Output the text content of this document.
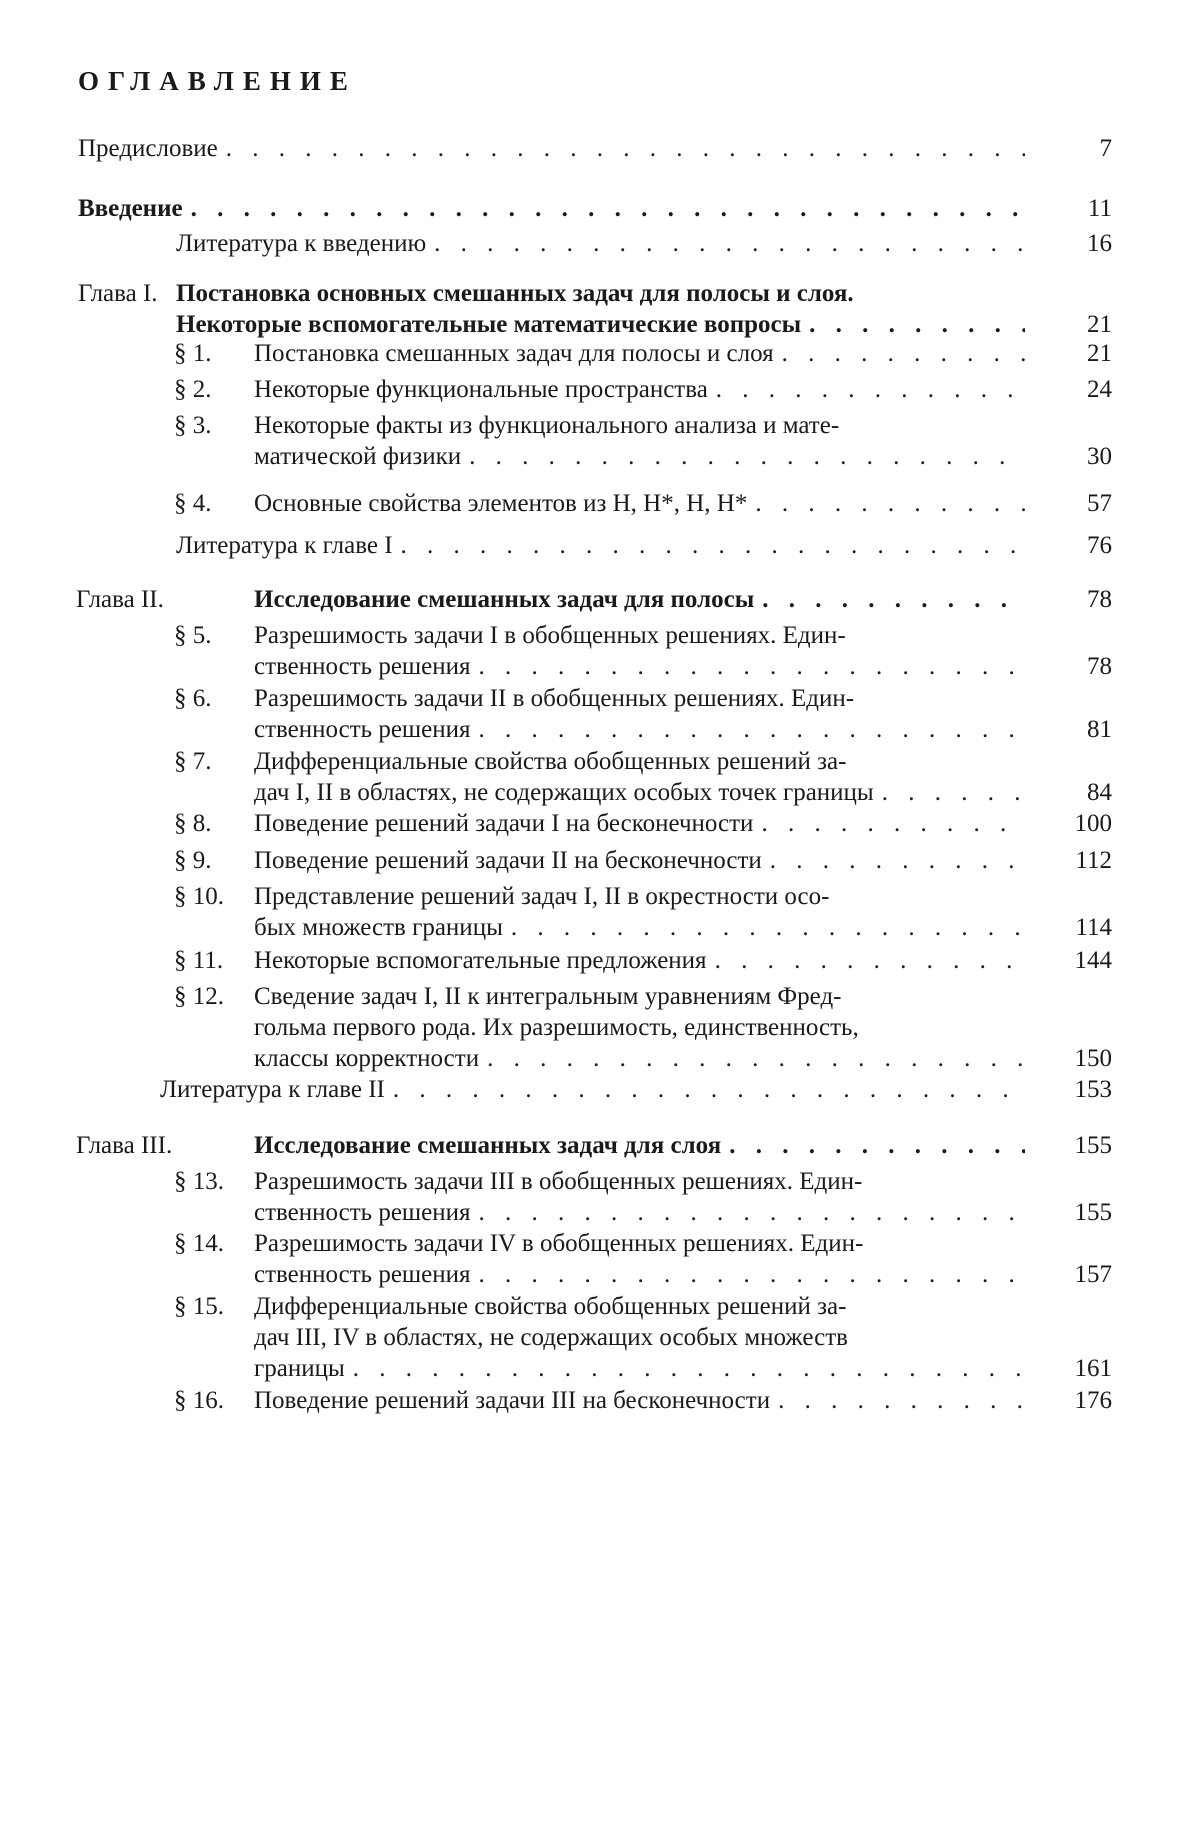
ОГЛАВЛЕНИЕ
Предисловие . . .	7
Введение . . .	11
Литература к введению . . .	16
Глава I. Постановка основных смешанных задач для полосы и слоя.
Некоторые вспомогательные математические вопросы . . .	21
§ 1. Постановка смешанных задач для полосы и слоя . . .	21
§ 2. Некоторые функциональные пространства . . .	24
§ 3. Некоторые факты из функционального анализа и мате-
матической физики . . .	30
§ 4. Основные свойства элементов из H, H*, H, H* . . .	57
Литература к главе I . . .	76
Глава II.	Исследование смешанных задач для полосы . . .	78
§ 5. Разрешимость задачи I в обобщенных решениях. Един-
ственность решения . . .	78
§ 6. Разрешимость задачи II в обобщенных решениях. Един-
ственность решения . . .	81
§ 7. Дифференциальные свойства обобщенных решений за-
дач I, II в областях, не содержащих особых точек границы . . .	84
§ 8. Поведение решений задачи I на бесконечности . . .	100
§ 9. Поведение решений задачи II на бесконечности . . .	112
§ 10. Представление решений задач I, II в окрестности осо-
бых множеств границы . . .	114
§ 11. Некоторые вспомогательные предложения . . .	144
§ 12. Сведение задач I, II к интегральным уравнениям Фред-
гольма первого рода. Их разрешимость, единственность,
классы корректности . . .	150
Литература к главе II . . .	153
Глава III.	Исследование смешанных задач для слоя . . .	155
§ 13. Разрешимость задачи III в обобщенных решениях. Един-
ственность решения . . .	155
§ 14. Разрешимость задачи IV в обобщенных решениях. Един-
ственность решения . . .	157
§ 15. Дифференциальные свойства обобщенных решений за-
дач III, IV в областях, не содержащих особых множеств
границы . . .	161
§ 16. Поведение решений задачи III на бесконечности . . .	176
